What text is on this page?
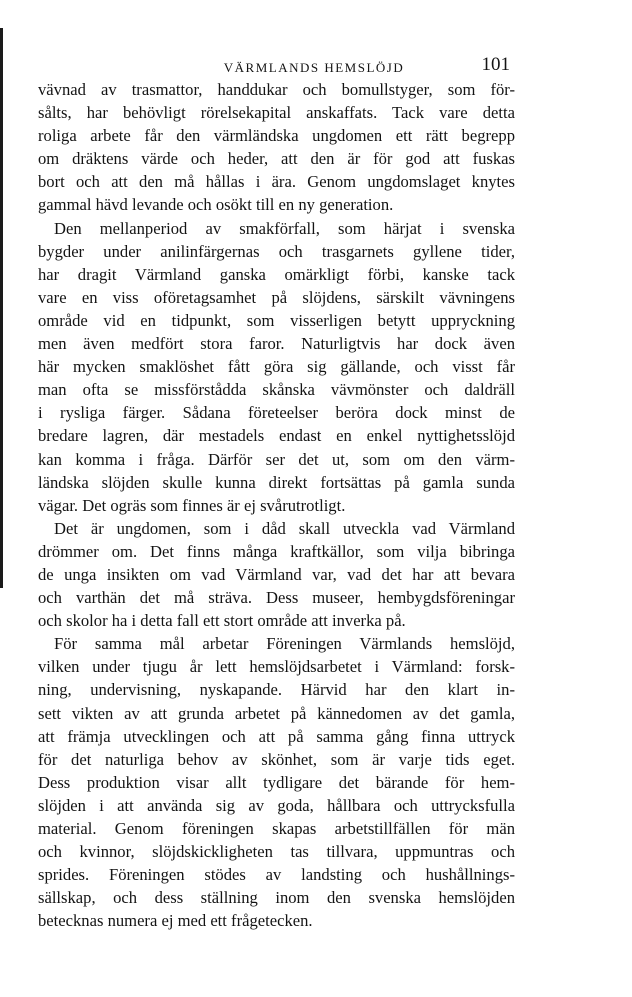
VÄRMLANDS HEMSLÖJD	101
vävnad av trasmattor, handdukar och bomullstyger, som för-
sålts, har behövligt rörelsekapital anskaffats. Tack vare detta
roliga arbete får den värmländska ungdomen ett rätt begrepp
om dräktens värde och heder, att den är för god att fuskas
bort och att den må hållas i ära. Genom ungdomslaget knytes
gammal hävd levande och osökt till en ny generation.
Den mellanperiod av smakförfall, som härjat i svenska
bygder under anilinfärgernas och trasgarnets gyllene tider,
har dragit Värmland ganska omärkligt förbi, kanske tack
vare en viss oföretagsamhet på slöjdens, särskilt vävningens
område vid en tidpunkt, som visserligen betytt uppryckning
men även medfört stora faror. Naturligtvis har dock även
här mycken smaklöshet fått göra sig gällande, och visst får
man ofta se missförstådda skånska vävmönster och daldräll
i rysliga färger. Sådana företeelser beröra dock minst de
bredare lagren, där mestadels endast en enkel nyttighetsslöjd
kan komma i fråga. Därför ser det ut, som om den värm-
ländska slöjden skulle kunna direkt fortsättas på gamla sunda
vägar. Det ogräs som finnes är ej svårutrotligt.
Det är ungdomen, som i dåd skall utveckla vad Värmland
drömmer om. Det finns många kraftkällor, som vilja bibringa
de unga insikten om vad Värmland var, vad det har att bevara
och varthän det må sträva. Dess museer, hembygdsföreningar
och skolor ha i detta fall ett stort område att inverka på.
För samma mål arbetar Föreningen Värmlands hemslöjd,
vilken under tjugu år lett hemslöjdsarbetet i Värmland: forsk-
ning, undervisning, nyskapande. Härvid har den klart in-
sett vikten av att grunda arbetet på kännedomen av det gamla,
att främja utvecklingen och att på samma gång finna uttryck
för det naturliga behov av skönhet, som är varje tids eget.
Dess produktion visar allt tydligare det bärande för hem-
slöjden i att använda sig av goda, hållbara och uttrycksfulla
material. Genom föreningen skapas arbetstillfällen för män
och kvinnor, slöjdskickligheten tas tillvara, uppmuntras och
sprides. Föreningen stödes av landsting och hushållnings-
sällskap, och dess ställning inom den svenska hemslöjden
betecknas numera ej med ett frågetecken.
